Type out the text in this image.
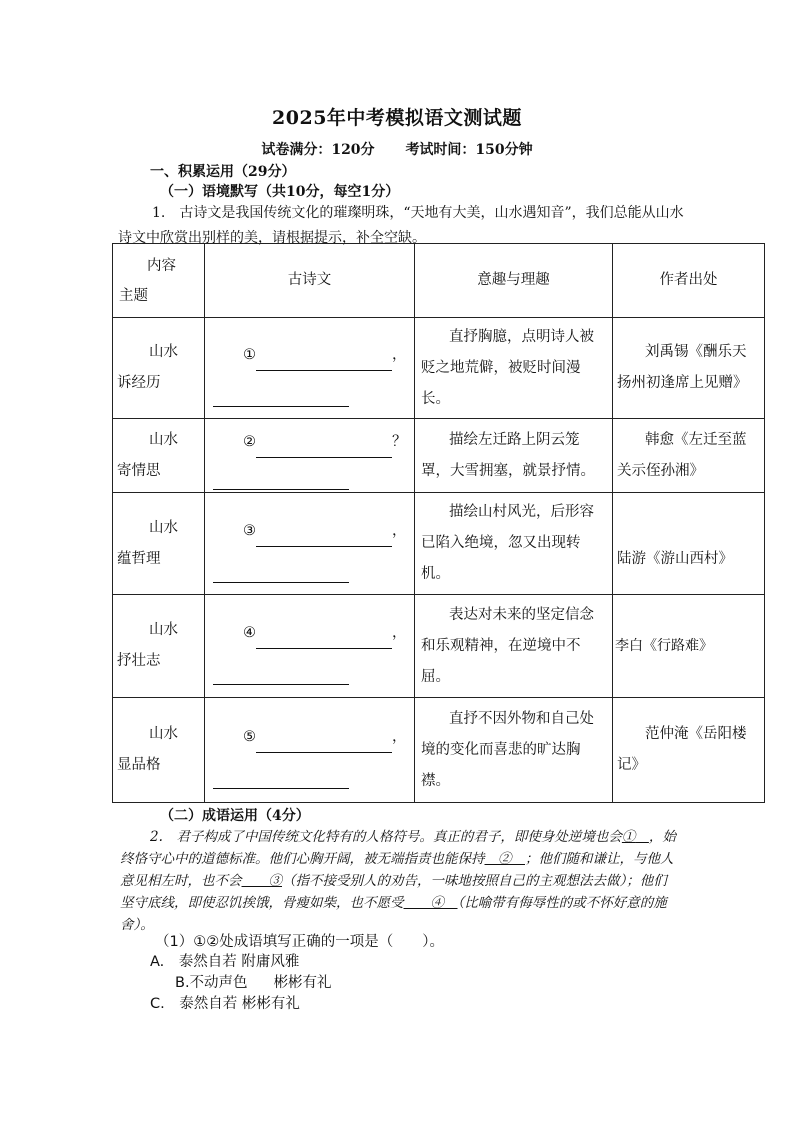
2025年中考模拟语文测试题
试卷满分：120分 考试时间：150分钟
一、积累运用（29分）
（一）语境默写（共10分，每空1分）
1.　古诗文是我国传统文化的璀璨明珠，“天地有大美，山水遇知音”，我们总能从山水诗文中欣赏出别样的美，请根据提示，补全空缺。
内容
主题	古诗文	意趣与理趣	作者出处

山水
诉经历	① ，	直抒胸臆，点明诗人被贬之地荒僻，被贬时间漫长。	刘禹锡《酬乐天扬州初逢席上见赠》

山水
寄情思	② ？	描绘左迁路上阴云笼罩，大雪拥塞，就景抒情。	韩愈《左迁至蓝关示侄孙湘》

山水
蕴哲理	③ ，	描绘山村风光，后形容已陷入绝境，忽又出现转机。	陆游《游山西村》

山水
抒壮志	④ ，	表达对未来的坚定信念和乐观精神，在逆境中不屈。	李白《行路难》

山水
显品格	⑤ ，	直抒不因外物和自己处境的变化而喜悲的旷达胸襟。	范仲淹《岳阳楼记》
（二）成语运用（4分）
2.　君子构成了中国传统文化特有的人格符号。真正的君子，即使身处逆境也会①　 ，始终恪守心中的道德标准。他们心胸开阔，被无端指责也能保持　 ②　 ；他们随和谦让，与他人意见相左时，也不会　　 ③（指不接受别人的劝告，一味地按照自己的主观想法去做）；他们坚守底线，即使忍饥挨饿，骨瘦如柴，也不愿受　　 ④　 （比喻带有侮辱性的或不怀好意的施舍）。
（1）①②处成语填写正确的一项是（　　）。
A.　泰然自若 附庸风雅
B.不动声色 彬彬有礼
C.　泰然自若 彬彬有礼
